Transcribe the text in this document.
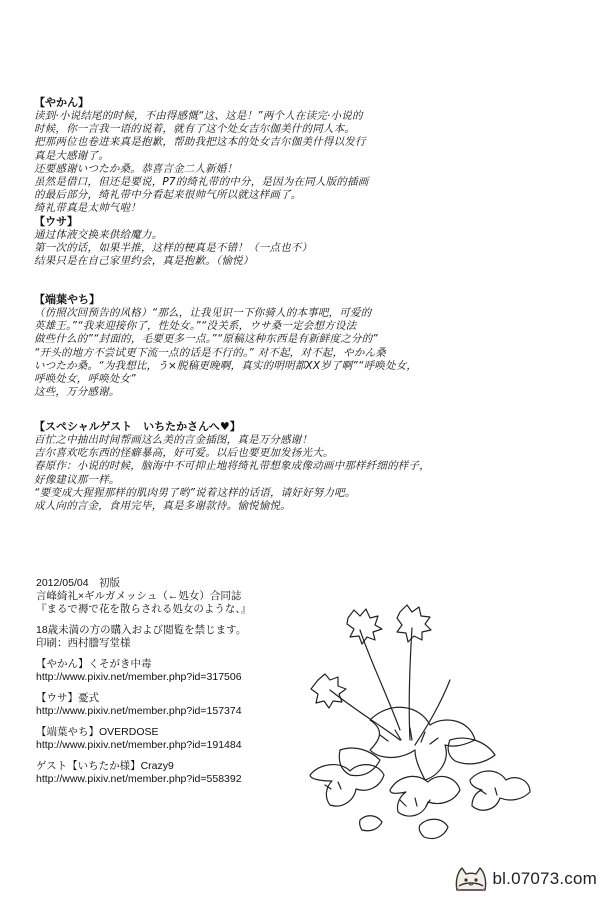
【やかん】
读到·小说结尾的时候，不由得感慨“这、这是！”两个人在读完·小说的
时候，你一言我一语的说着，就有了这个处女吉尔伽美什的同人本。
把那两位也卷进来真是抱歉，帮助我把这本的处女吉尔伽美什得以发行
真是大感谢了。
还要感谢いつたか桑。恭喜言金二人新婚！
虽然是借口，但还是要说，P7的绮礼带的中分，是因为在同人版的插画
的最后部分，绮礼带中分看起来很帅气所以就这样画了。
绮礼带真是太帅气啦！
【ウサ】
通过体液交换来供给魔力。
第一次的话，如果半推，这样的梗真是不错！（一点也不）
结果只是在自己家里约会，真是抱歉。（愉悦）
【端葉やち】
（仿照次回预告的风格）“那么，让我见识一下你骑人的本事吧，可爱的
英雄王。”“我来迎接你了，性处女。”“没关系，ウサ桑一定会想方设法
做些什么的”“封面的，毛要更多一点。”“原稿这种东西是有新鲜度之分的”
“开头的地方不尝试更下流一点的话是不行的。” 对不起，对不起，やかん桑
いつたか桑。“为我想比，う×脱稿更晚啊，真实的明明都XX岁了啊”“呼唤处女，
呼唤处女，呼唤处女”
这些，万分感谢。
【スペシャルゲスト　いちたかさんへ♥】
百忙之中抽出时间帮画这么美的言金插图，真是万分感谢！
吉尔喜欢吃东西的怪癖暴高，好可爱。以后也要更加发扬光大。
春原作：小说的时候，脑海中不可抑止地将绮礼带想象成像动画中那样纤细的样子，
好像建议那一样。
“要变成大猩猩那样的肌肉男了哟”说着这样的话语，请好好努力吧。
成人向的言金，食用完毕，真是多谢款待。愉悦愉悦。
2012/05/04　初版
言峰綺礼×ギルガメッシュ（←処女）合同誌
『まるで褥で花を散らされる処女のような、』
18歳未満の方の購入および閲覧を禁じます。
印刷：西村謄写堂様
【やかん】くそがき中毒
http://www.pixiv.net/member.php?id=317506
【ウサ】憂式
http://www.pixiv.net/member.php?id=157374
【端葉やち】OVERDOSE
http://www.pixiv.net/member.php?id=191484
ゲスト【いちたか様】Crazy9
http://www.pixiv.net/member.php?id=558392
bl.07073.com
